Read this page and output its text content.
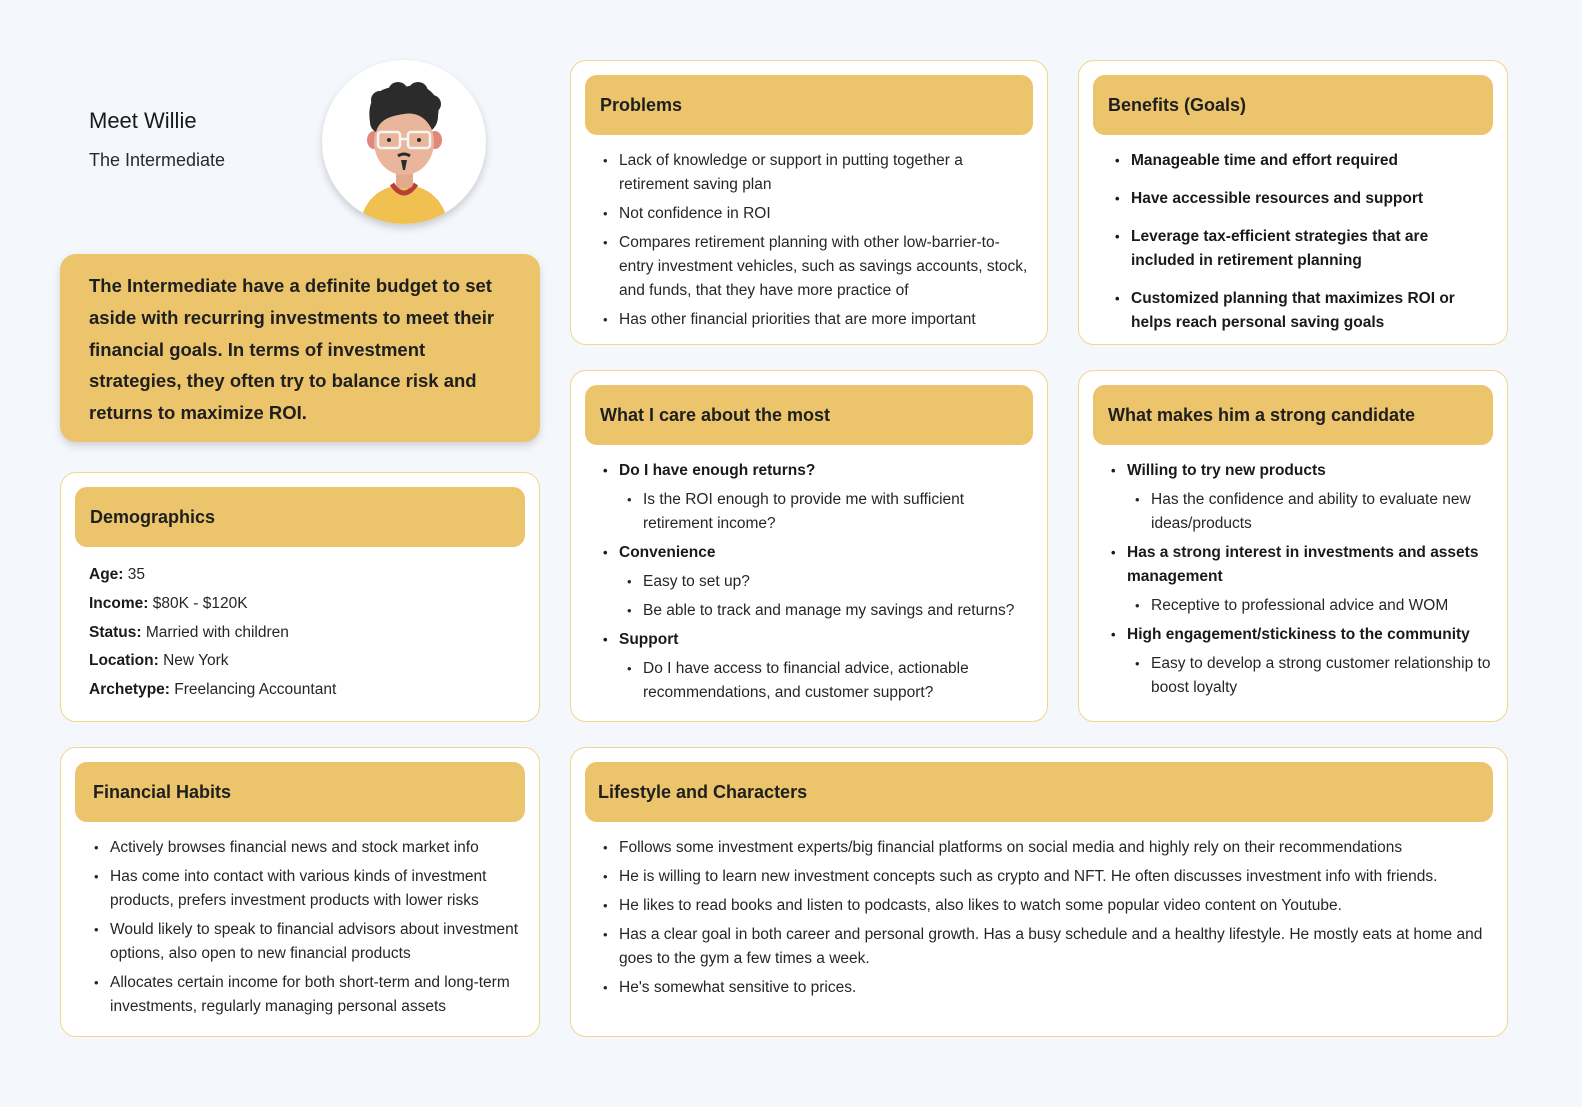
Meet Willie
The Intermediate
The Intermediate have a definite budget to set aside with recurring investments to meet their financial goals. In terms of investment strategies, they often try to balance risk and returns to maximize ROI.
Demographics
Age: 35
Income: $80K - $120K
Status: Married with children
Location: New York
Archetype: Freelancing Accountant
Financial Habits
• Actively browses financial news and stock market info
• Has come into contact with various kinds of investment products, prefers investment products with lower risks
• Would likely to speak to financial advisors about investment options, also open to new financial products
• Allocates certain income for both short-term and long-term investments, regularly managing personal assets
Problems
• Lack of knowledge or support in putting together a retirement saving plan
• Not confidence in ROI
• Compares retirement planning with other low-barrier-to-entry investment vehicles, such as savings accounts, stock, and funds, that they have more practice of
• Has other financial priorities that are more important
Benefits (Goals)
• Manageable time and effort required
• Have accessible resources and support
• Leverage tax-efficient strategies that are included in retirement planning
• Customized planning that maximizes ROI or helps reach personal saving goals
What I care about the most
• Do I have enough returns?
• Is the ROI enough to provide me with sufficient retirement income?
• Convenience
• Easy to set up?
• Be able to track and manage my savings and returns?
• Support
• Do I have access to financial advice, actionable recommendations, and customer support?
What makes him a strong candidate
• Willing to try new products
• Has the confidence and ability to evaluate new ideas/products
• Has a strong interest in investments and assets management
• Receptive to professional advice and WOM
• High engagement/stickiness to the community
• Easy to develop a strong customer relationship to boost loyalty
Lifestyle and Characters
• Follows some investment experts/big financial platforms on social media and highly rely on their recommendations
• He is willing to learn new investment concepts such as crypto and NFT. He often discusses investment info with friends.
• He likes to read books and listen to podcasts, also likes to watch some popular video content on Youtube.
• Has a clear goal in both career and personal growth. Has a busy schedule and a healthy lifestyle. He mostly eats at home and goes to the gym a few times a week.
• He's somewhat sensitive to prices.
